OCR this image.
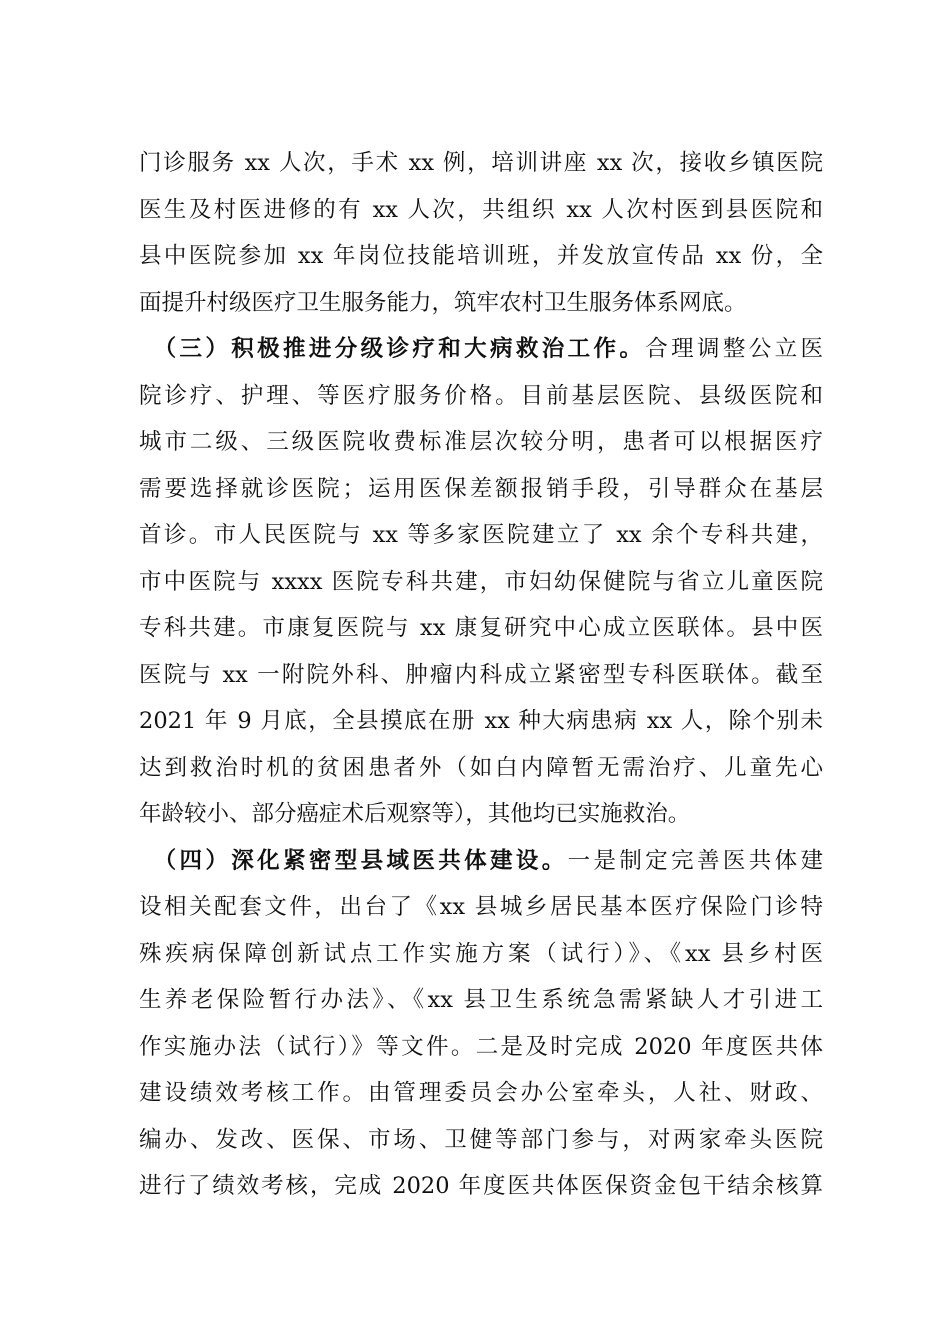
门诊服务 xx 人次，手术 xx 例，培训讲座 xx 次，接收乡镇医院
医生及村医进修的有 xx 人次，共组织 xx 人次村医到县医院和
县中医院参加 xx 年岗位技能培训班，并发放宣传品 xx 份，全
面提升村级医疗卫生服务能力，筑牢农村卫生服务体系网底。
　（三）积极推进分级诊疗和大病救治工作。合理调整公立医
院诊疗、护理、等医疗服务价格。目前基层医院、县级医院和
城市二级、三级医院收费标准层次较分明，患者可以根据医疗
需要选择就诊医院；运用医保差额报销手段，引导群众在基层
首诊。市人民医院与 xx 等多家医院建立了 xx 余个专科共建，
市中医院与 xxxx 医院专科共建，市妇幼保健院与省立儿童医院
专科共建。市康复医院与 xx 康复研究中心成立医联体。县中医
医院与 xx 一附院外科、肿瘤内科成立紧密型专科医联体。截至
2021 年 9 月底，全县摸底在册 xx 种大病患病 xx 人，除个别未
达到救治时机的贫困患者外（如白内障暂无需治疗、儿童先心
年龄较小、部分癌症术后观察等），其他均已实施救治。
　（四）深化紧密型县域医共体建设。一是制定完善医共体建
设相关配套文件，出台了《xx 县城乡居民基本医疗保险门诊特
殊疾病保障创新试点工作实施方案（试行）》、《xx 县乡村医
生养老保险暂行办法》、《xx 县卫生系统急需紧缺人才引进工
作实施办法（试行）》等文件。二是及时完成 2020 年度医共体
建设绩效考核工作。由管理委员会办公室牵头，人社、财政、
编办、发改、医保、市场、卫健等部门参与，对两家牵头医院
进行了绩效考核，完成 2020 年度医共体医保资金包干结余核算
